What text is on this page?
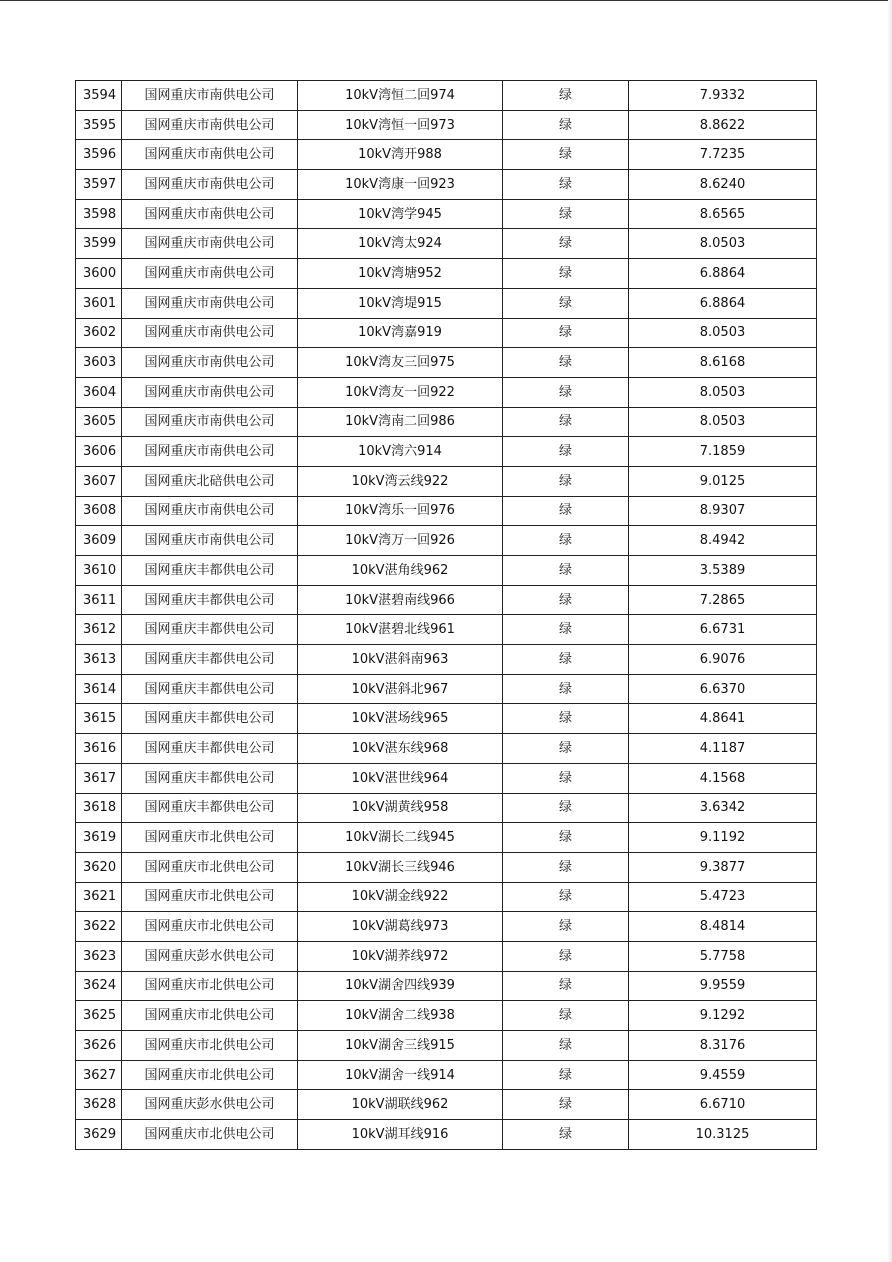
3594	国网重庆市南供电公司	10kV湾恒二回974	绿	7.9332
3595	国网重庆市南供电公司	10kV湾恒一回973	绿	8.8622
3596	国网重庆市南供电公司	10kV湾开988	绿	7.7235
3597	国网重庆市南供电公司	10kV湾康一回923	绿	8.6240
3598	国网重庆市南供电公司	10kV湾学945	绿	8.6565
3599	国网重庆市南供电公司	10kV湾太924	绿	8.0503
3600	国网重庆市南供电公司	10kV湾塘952	绿	6.8864
3601	国网重庆市南供电公司	10kV湾堤915	绿	6.8864
3602	国网重庆市南供电公司	10kV湾嘉919	绿	8.0503
3603	国网重庆市南供电公司	10kV湾友三回975	绿	8.6168
3604	国网重庆市南供电公司	10kV湾友一回922	绿	8.0503
3605	国网重庆市南供电公司	10kV湾南二回986	绿	8.0503
3606	国网重庆市南供电公司	10kV湾六914	绿	7.1859
3607	国网重庆北碚供电公司	10kV湾云线922	绿	9.0125
3608	国网重庆市南供电公司	10kV湾乐一回976	绿	8.9307
3609	国网重庆市南供电公司	10kV湾万一回926	绿	8.4942
3610	国网重庆丰都供电公司	10kV湛角线962	绿	3.5389
3611	国网重庆丰都供电公司	10kV湛碧南线966	绿	7.2865
3612	国网重庆丰都供电公司	10kV湛碧北线961	绿	6.6731
3613	国网重庆丰都供电公司	10kV湛斜南963	绿	6.9076
3614	国网重庆丰都供电公司	10kV湛斜北967	绿	6.6370
3615	国网重庆丰都供电公司	10kV湛场线965	绿	4.8641
3616	国网重庆丰都供电公司	10kV湛东线968	绿	4.1187
3617	国网重庆丰都供电公司	10kV湛世线964	绿	4.1568
3618	国网重庆丰都供电公司	10kV湖黄线958	绿	3.6342
3619	国网重庆市北供电公司	10kV湖长二线945	绿	9.1192
3620	国网重庆市北供电公司	10kV湖长三线946	绿	9.3877
3621	国网重庆市北供电公司	10kV湖金线922	绿	5.4723
3622	国网重庆市北供电公司	10kV湖葛线973	绿	8.4814
3623	国网重庆彭水供电公司	10kV湖荞线972	绿	5.7758
3624	国网重庆市北供电公司	10kV湖舍四线939	绿	9.9559
3625	国网重庆市北供电公司	10kV湖舍二线938	绿	9.1292
3626	国网重庆市北供电公司	10kV湖舍三线915	绿	8.3176
3627	国网重庆市北供电公司	10kV湖舍一线914	绿	9.4559
3628	国网重庆彭水供电公司	10kV湖联线962	绿	6.6710
3629	国网重庆市北供电公司	10kV湖耳线916	绿	10.3125
